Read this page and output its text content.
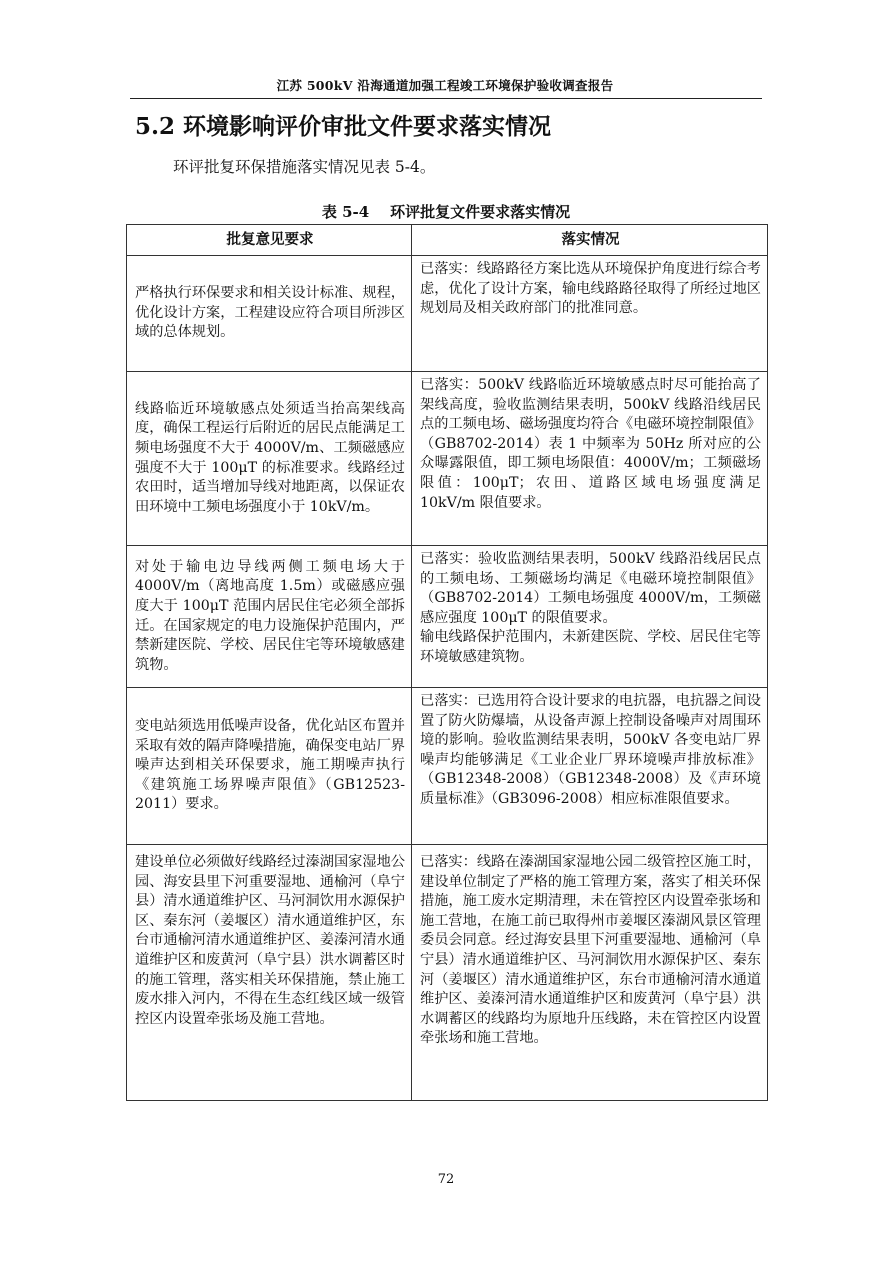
江苏 500kV 沿海通道加强工程竣工环境保护验收调查报告
5.2 环境影响评价审批文件要求落实情况
环评批复环保措施落实情况见表 5-4。
表 5-4    环评批复文件要求落实情况
批复意见要求	落实情况
严格执行环保要求和相关设计标准、规程，优化设计方案，工程建设应符合项目所涉区域的总体规划。	已落实：线路路径方案比选从环境保护角度进行综合考虑，优化了设计方案，输电线路路径取得了所经过地区规划局及相关政府部门的批准同意。

线路临近环境敏感点处须适当抬高架线高度，确保工程运行后附近的居民点能满足工频电场强度不大于 4000V/m、工频磁感应强度不大于 100μT 的标准要求。线路经过农田时，适当增加导线对地距离，以保证农田环境中工频电场强度小于 10kV/m。	已落实：500kV 线路临近环境敏感点时尽可能抬高了架线高度，验收监测结果表明，500kV 线路沿线居民点的工频电场、磁场强度均符合《电磁环境控制限值》（GB8702-2014）表 1 中频率为 50Hz 所对应的公众曝露限值，即工频电场限值：4000V/m；工频磁场限值：100μT；农田、道路区域电场强度满足 10kV/m 限值要求。

对处于输电边导线两侧工频电场大于 4000V/m（离地高度 1.5m）或磁感应强度大于 100μT 范围内居民住宅必须全部拆迁。在国家规定的电力设施保护范围内，严禁新建医院、学校、居民住宅等环境敏感建筑物。	已落实：验收监测结果表明，500kV 线路沿线居民点的工频电场、工频磁场均满足《电磁环境控制限值》（GB8702-2014）工频电场强度 4000V/m，工频磁感应强度 100μT 的限值要求。

输电线路保护范围内，未新建医院、学校、居民住宅等环境敏感建筑物。

变电站须选用低噪声设备，优化站区布置并采取有效的隔声降噪措施，确保变电站厂界噪声达到相关环保要求，施工期噪声执行《建筑施工场界噪声限值》（GB12523-2011）要求。	已落实：已选用符合设计要求的电抗器，电抗器之间设置了防火防爆墙，从设备声源上控制设备噪声对周围环境的影响。验收监测结果表明，500kV 各变电站厂界噪声均能够满足《工业企业厂界环境噪声排放标准》（GB12348-2008）（GB12348-2008）及《声环境质量标准》（GB3096-2008）相应标准限值要求。

建设单位必须做好线路经过溱湖国家湿地公园、海安县里下河重要湿地、通榆河（阜宁县）清水通道维护区、马河洞饮用水源保护区、秦东河（姜堰区）清水通道维护区，东台市通榆河清水通道维护区、姜溱河清水通道维护区和废黄河（阜宁县）洪水调蓄区时的施工管理，落实相关环保措施，禁止施工废水排入河内，不得在生态红线区域一级管控区内设置牵张场及施工营地。	已落实：线路在溱湖国家湿地公园二级管控区施工时，建设单位制定了严格的施工管理方案，落实了相关环保措施，施工废水定期清理，未在管控区内设置牵张场和施工营地，在施工前已取得州市姜堰区溱湖风景区管理委员会同意。经过海安县里下河重要湿地、通榆河（阜宁县）清水通道维护区、马河洞饮用水源保护区、秦东河（姜堰区）清水通道维护区，东台市通榆河清水通道维护区、姜溱河清水通道维护区和废黄河（阜宁县）洪水调蓄区的线路均为原地升压线路，未在管控区内设置牵张场和施工营地。

72
